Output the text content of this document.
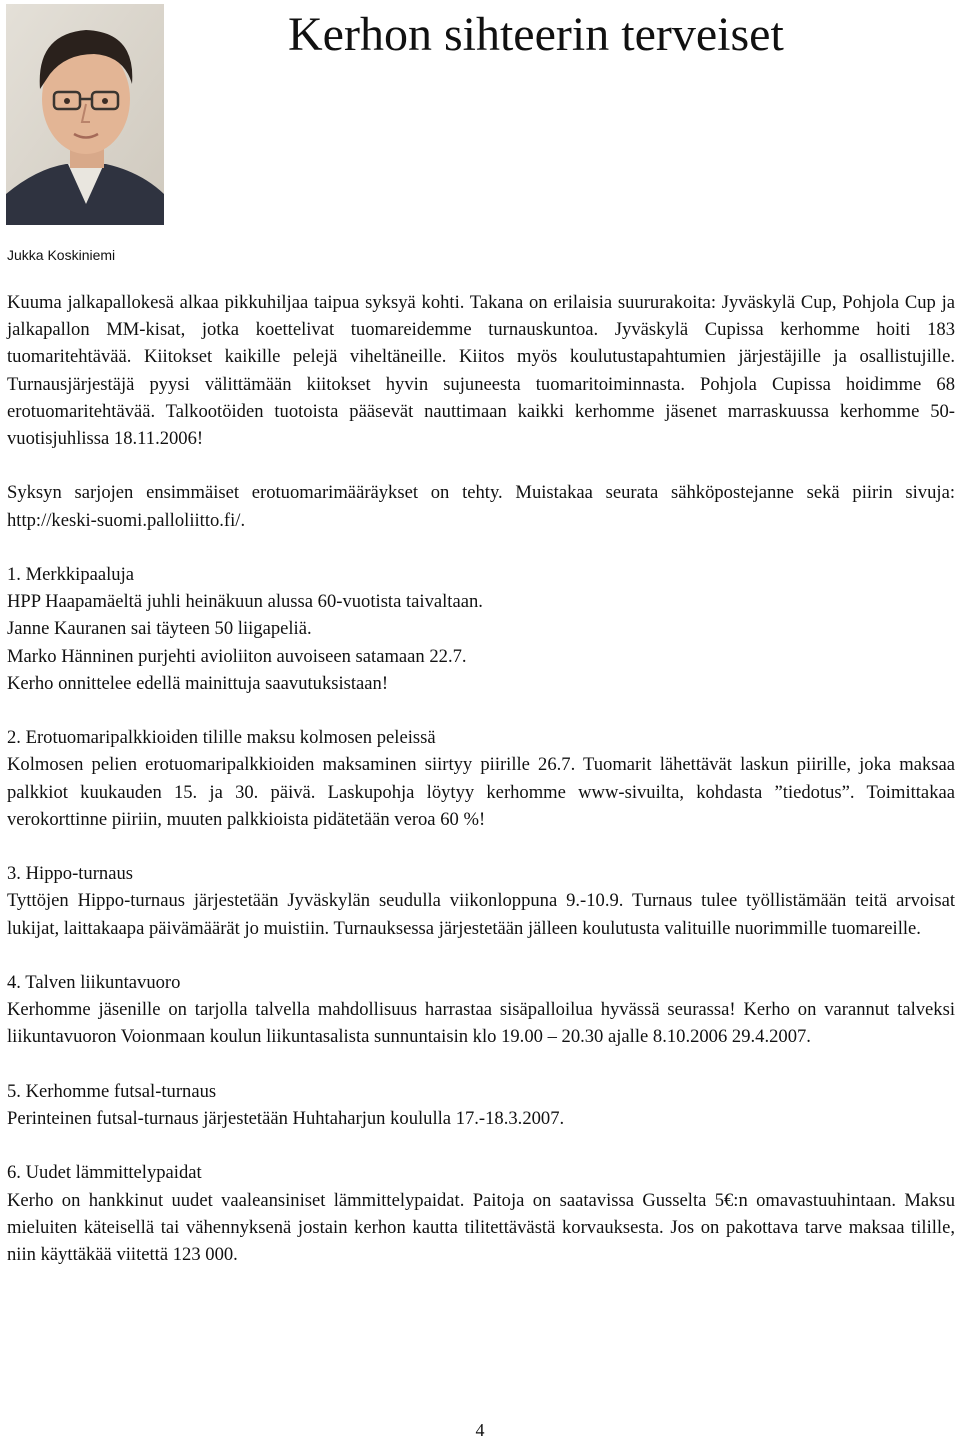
Jukka Koskiniemi
Kerhon sihteerin terveiset

Kuuma jalkapallokesä alkaa pikkuhiljaa taipua syksyä kohti. Takana on erilaisia suururakoita: Jyväskylä Cup, Pohjola Cup ja jalkapallon MM-kisat, jotka koettelivat tuomareidemme turnauskuntoa. Jyväskylä Cupissa kerhomme hoiti 183 tuomaritehtävää. Kiitokset kaikille pelejä viheltäneille. Kiitos myös koulutustapahtumien järjestäjille ja osallistujille. Turnausjärjestäjä pyysi välittämään kiitokset hyvin sujuneesta tuomaritoiminnasta. Pohjola Cupissa hoidimme 68 erotuomaritehtävää. Talkootöiden tuotoista pääsevät nauttimaan kaikki kerhomme jäsenet marraskuussa kerhomme 50-vuotisjuhlissa 18.11.2006!

Syksyn sarjojen ensimmäiset erotuomarimääräykset on tehty. Muistakaa seurata sähköpostejanne sekä piirin sivuja: http://keski-suomi.palloliitto.fi/.

1. Merkkipaaluja
HPP Haapamäeltä juhli heinäkuun alussa 60-vuotista taivaltaan.
Janne Kauranen sai täyteen 50 liigapeliä.
Marko Hänninen purjehti avioliiton auvoiseen satamaan 22.7.
Kerho onnittelee edellä mainittuja saavutuksistaan!
2. Erotuomaripalkkioiden tilille maksu kolmosen peleissä
Kolmosen pelien erotuomaripalkkioiden maksaminen siirtyy piirille 26.7. Tuomarit lähettävät laskun piirille, joka maksaa palkkiot kuukauden 15. ja 30. päivä. Laskupohja löytyy kerhomme www-sivuilta, kohdasta ”tiedotus”. Toimittakaa verokorttinne piiriin, muuten palkkioista pidätetään veroa 60 %!
3. Hippo-turnaus
Tyttöjen Hippo-turnaus järjestetään Jyväskylän seudulla viikonloppuna 9.-10.9. Turnaus tulee työllistämään teitä arvoisat lukijat, laittakaapa päivämäärät jo muistiin. Turnauksessa järjestetään jälleen koulutusta valituille nuorimmille tuomareille.
4. Talven liikuntavuoro
Kerhomme jäsenille on tarjolla talvella mahdollisuus harrastaa sisäpalloilua hyvässä seurassa! Kerho on varannut talveksi liikuntavuoron Voionmaan koulun liikuntasalista sunnuntaisin klo 19.00 – 20.30 ajalle 8.10.2006 29.4.2007.
5. Kerhomme futsal-turnaus
Perinteinen futsal-turnaus järjestetään Huhtaharjun koululla 17.-18.3.2007.
6. Uudet lämmittelypaidat
Kerho on hankkinut uudet vaaleansiniset lämmittelypaidat. Paitoja on saatavissa Gusselta 5€:n omavastuuhintaan. Maksu mieluiten käteisellä tai vähennyksenä jostain kerhon kautta tilitettävästä korvauksesta. Jos on pakottava tarve maksaa tilille, niin käyttäkää viitettä 123 000.
4
